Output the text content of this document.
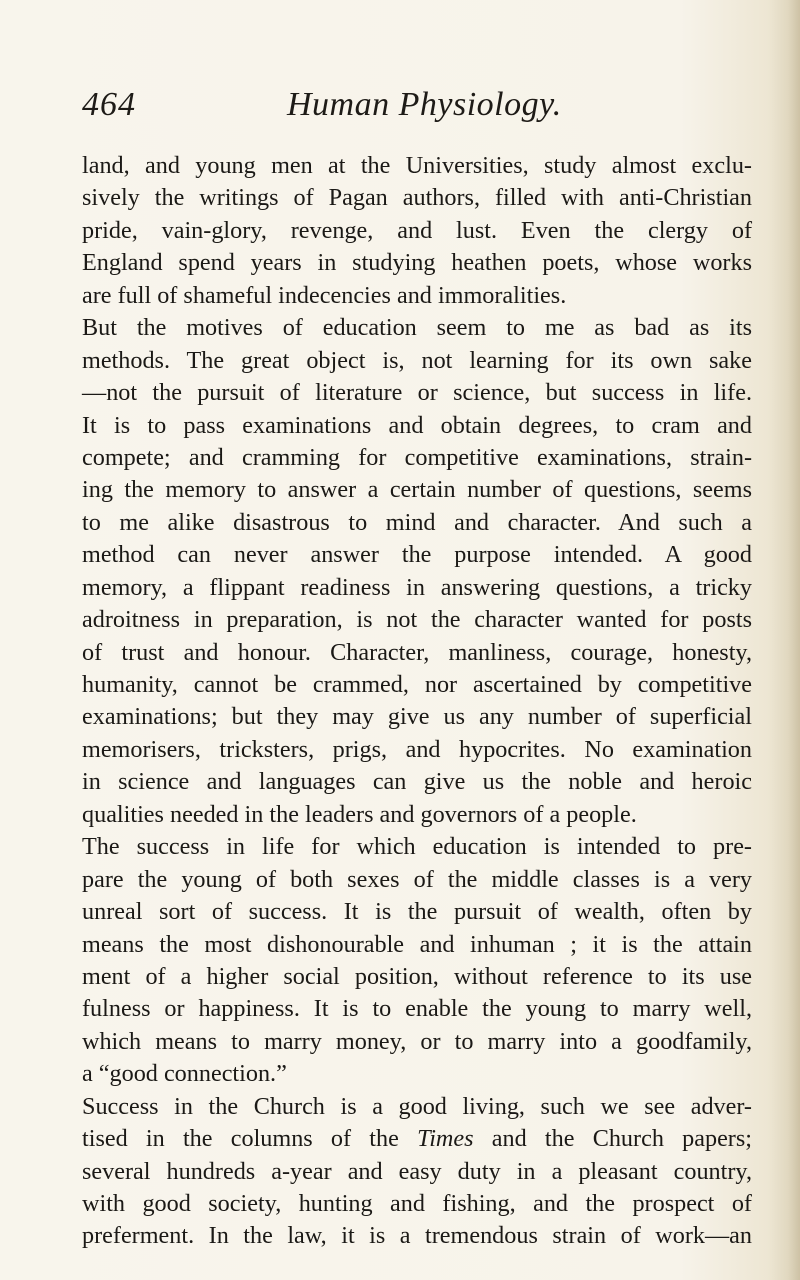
464	Human Physiology.
land, and young men at the Universities, study almost exclu-
sively the writings of Pagan authors, filled with anti-Christian
pride, vain-glory, revenge, and lust. Even the clergy of
England spend years in studying heathen poets, whose works
are full of shameful indecencies and immoralities.
But the motives of education seem to me as bad as its
methods. The great object is, not learning for its own sake
—not the pursuit of literature or science, but success in life.
It is to pass examinations and obtain degrees, to cram and
compete; and cramming for competitive examinations, strain-
ing the memory to answer a certain number of questions, seems
to me alike disastrous to mind and character. And such a
method can never answer the purpose intended. A good
memory, a flippant readiness in answering questions, a tricky
adroitness in preparation, is not the character wanted for posts
of trust and honour. Character, manliness, courage, honesty,
humanity, cannot be crammed, nor ascertained by competitive
examinations; but they may give us any number of superficial
memorisers, tricksters, prigs, and hypocrites. No examination
in science and languages can give us the noble and heroic
qualities needed in the leaders and governors of a people.
The success in life for which education is intended to pre-
pare the young of both sexes of the middle classes is a very
unreal sort of success. It is the pursuit of wealth, often by
means the most dishonourable and inhuman ; it is the attain
ment of a higher social position, without reference to its use
fulness or happiness. It is to enable the young to marry well,
which means to marry money, or to marry into a goodfamily,
a “good connection.”
Success in the Church is a good living, such we see adver-
tised in the columns of the Times and the Church papers;
several hundreds a-year and easy duty in a pleasant country,
with good society, hunting and fishing, and the prospect of
preferment. In the law, it is a tremendous strain of work—an
